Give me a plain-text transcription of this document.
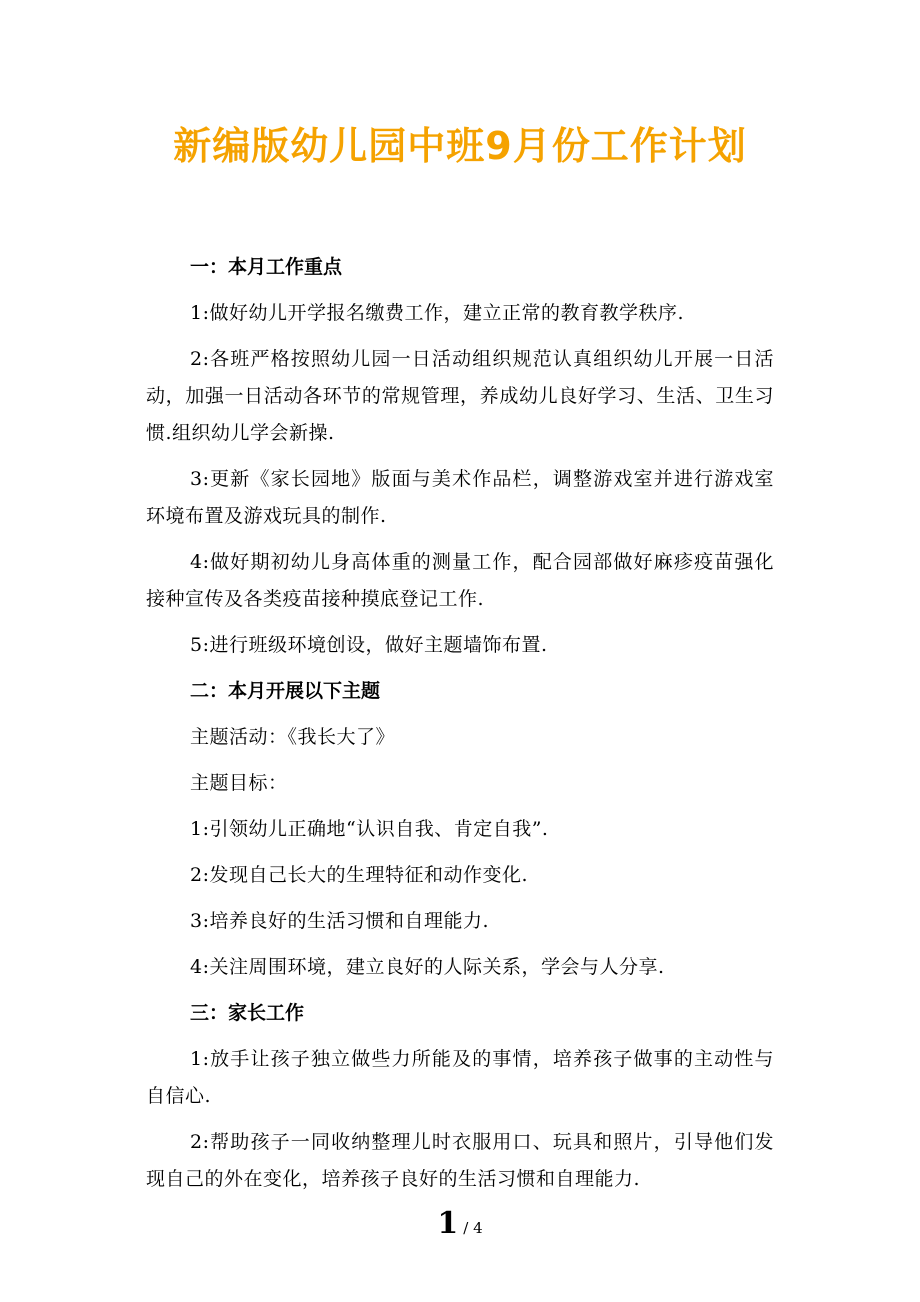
新编版幼儿园中班9月份工作计划

一：本月工作重点

1:做好幼儿开学报名缴费工作，建立正常的教育教学秩序.

2:各班严格按照幼儿园一日活动组织规范认真组织幼儿开展一日活动，加强一日活动各环节的常规管理，养成幼儿良好学习、生活、卫生习惯.组织幼儿学会新操.

3:更新《家长园地》版面与美术作品栏，调整游戏室并进行游戏室环境布置及游戏玩具的制作.

4:做好期初幼儿身高体重的测量工作，配合园部做好麻疹疫苗强化接种宣传及各类疫苗接种摸底登记工作.

5:进行班级环境创设，做好主题墙饰布置.

二：本月开展以下主题

主题活动：《我长大了》

主题目标：

1:引领幼儿正确地“认识自我、肯定自我”.

2:发现自己长大的生理特征和动作变化.

3:培养良好的生活习惯和自理能力.

4:关注周围环境，建立良好的人际关系，学会与人分享.

三：家长工作

1:放手让孩子独立做些力所能及的事情，培养孩子做事的主动性与自信心.

2:帮助孩子一同收纳整理儿时衣服用口、玩具和照片，引导他们发现自己的外在变化，培养孩子良好的生活习惯和自理能力.

1 / 4
